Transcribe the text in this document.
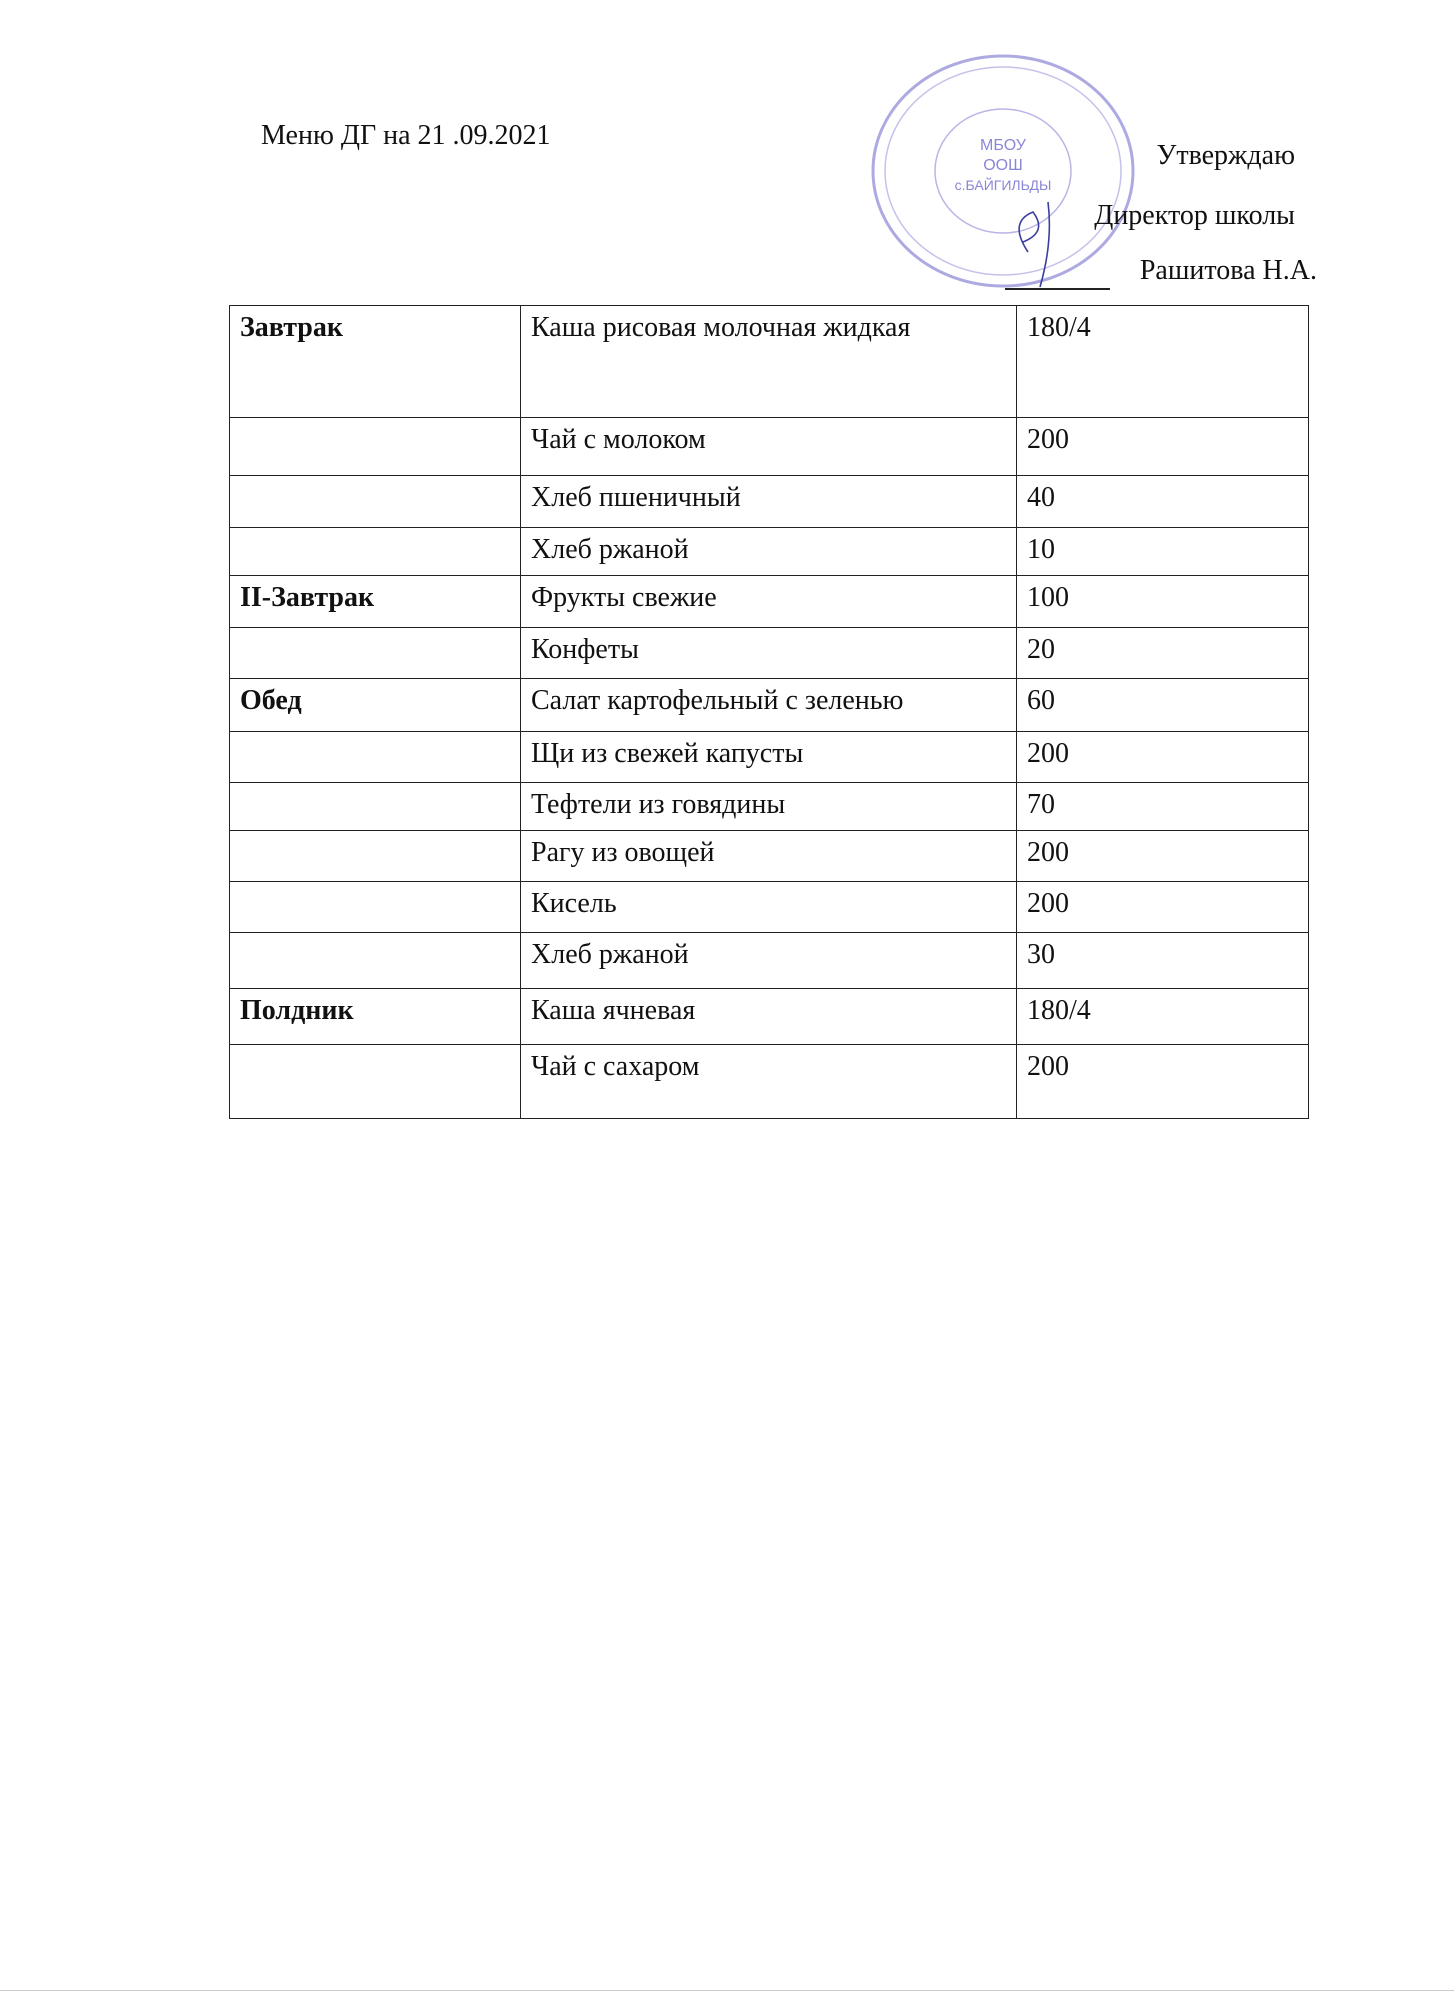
Меню ДГ на 21 .09.2021	МБОУ
ООШ
с.БАЙГИЛЬДЫ
Утверждаю
Директор школы
Рашитова Н.А.
Завтрак	Каша рисовая молочная жидкая	180/4
	Чай с молоком	200
	Хлеб пшеничный	40
	Хлеб ржаной	10
II-Завтрак	Фрукты свежие	100
	Конфеты	20
Обед	Салат картофельный с зеленью	60
	Щи из свежей капусты	200
	Тефтели из говядины	70
	Рагу из овощей	200
	Кисель	200
	Хлеб ржаной	30
Полдник	Каша ячневая	180/4
	Чай с сахаром	200
